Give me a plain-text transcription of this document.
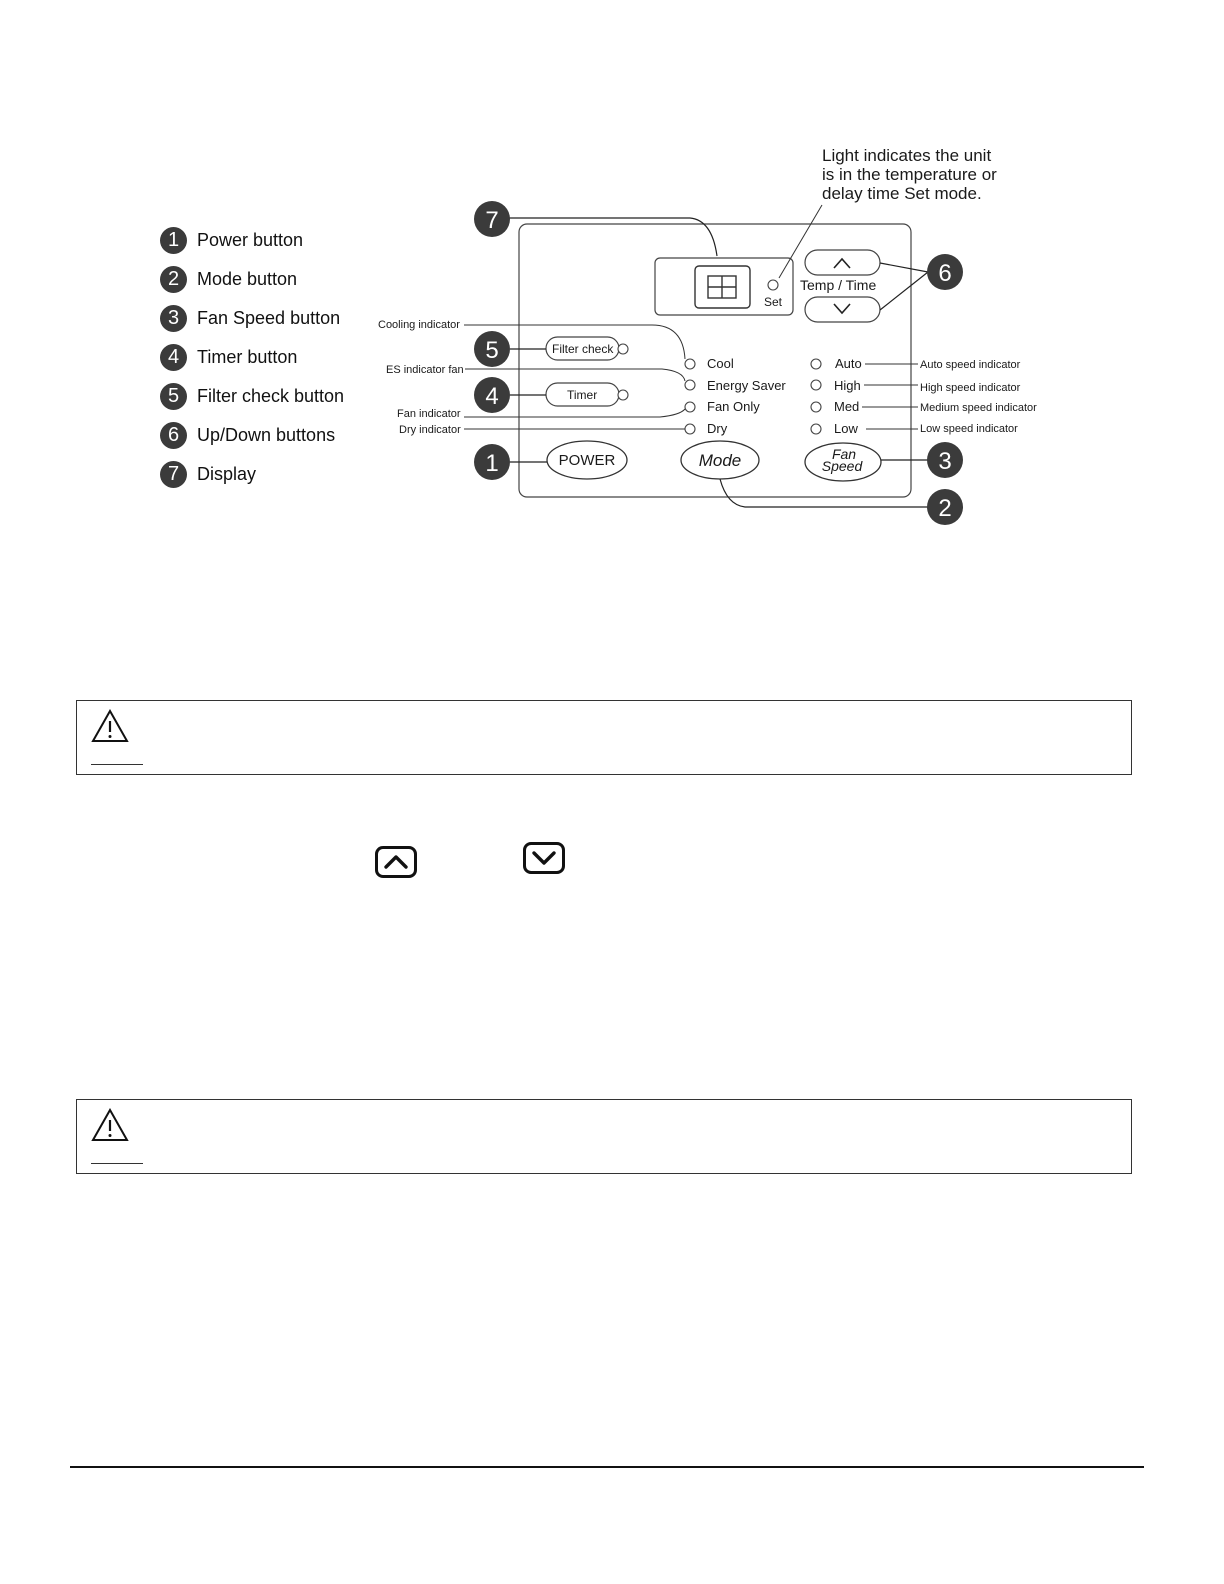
Light indicates the unit is in the temperature or delay time Set mode.
Set
Temp / Time
Filter check
Timer
Cool
Energy Saver
Fan Only
Dry
Auto
High
Med
Low
Auto speed indicator
High speed indicator
Medium speed indicator
Low speed indicator
Cooling indicator
ES indicator fan
Fan indicator
Dry indicator
POWER	Mode	Fan
Speed
7
5
4
1
6
3
2
1 Power button
2 Mode button
3 Fan Speed button
4 Timer button
5 Filter check button
6 Up/Down buttons
7 Display
